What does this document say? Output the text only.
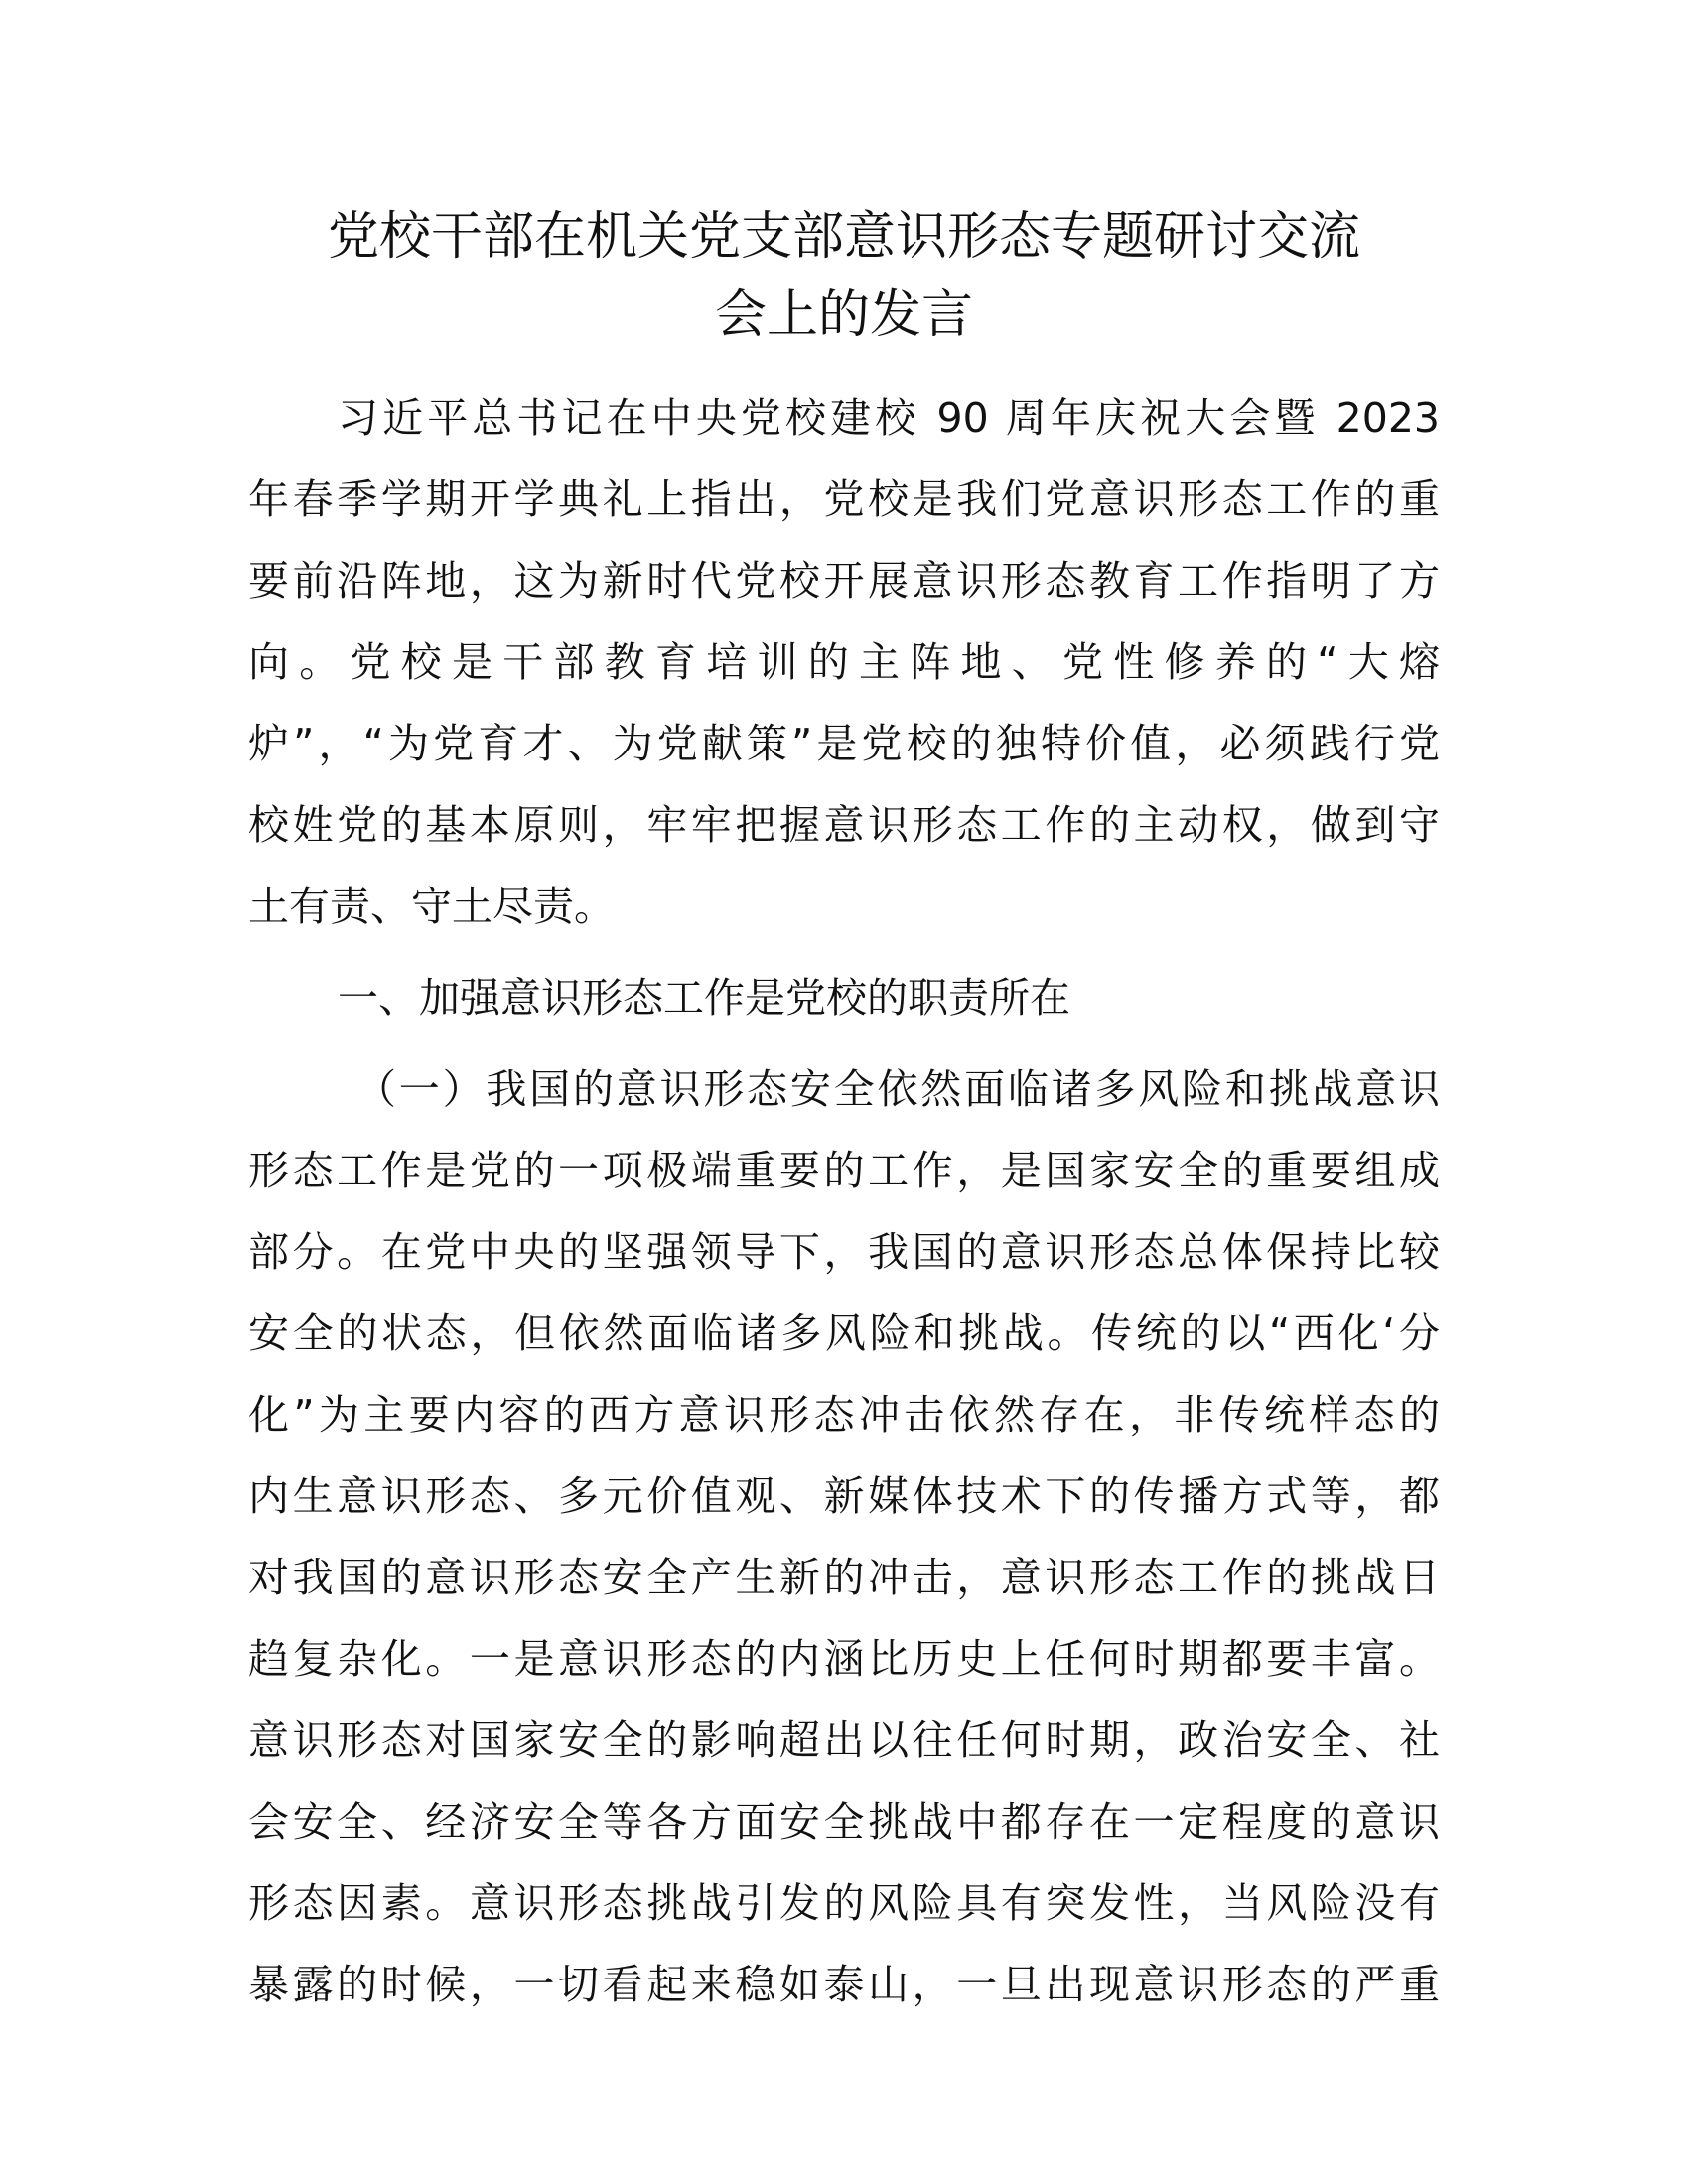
党校干部在机关党支部意识形态专题研讨交流
会上的发言
习近平总书记在中央党校建校 90 周年庆祝大会暨 2023
年春季学期开学典礼上指出，党校是我们党意识形态工作的重
要前沿阵地，这为新时代党校开展意识形态教育工作指明了方
向。党校是干部教育培训的主阵地、党性修养的“大熔
炉”，“为党育才、为党献策”是党校的独特价值，必须践行党
校姓党的基本原则，牢牢把握意识形态工作的主动权，做到守
土有责、守土尽责。
一、加强意识形态工作是党校的职责所在
（一）我国的意识形态安全依然面临诸多风险和挑战意识
形态工作是党的一项极端重要的工作，是国家安全的重要组成
部分。在党中央的坚强领导下，我国的意识形态总体保持比较
安全的状态，但依然面临诸多风险和挑战。传统的以“西化‘分
化”为主要内容的西方意识形态冲击依然存在，非传统样态的
内生意识形态、多元价值观、新媒体技术下的传播方式等，都
对我国的意识形态安全产生新的冲击，意识形态工作的挑战日
趋复杂化。一是意识形态的内涵比历史上任何时期都要丰富。
意识形态对国家安全的影响超出以往任何时期，政治安全、社
会安全、经济安全等各方面安全挑战中都存在一定程度的意识
形态因素。意识形态挑战引发的风险具有突发性，当风险没有
暴露的时候，一切看起来稳如泰山，一旦出现意识形态的严重
